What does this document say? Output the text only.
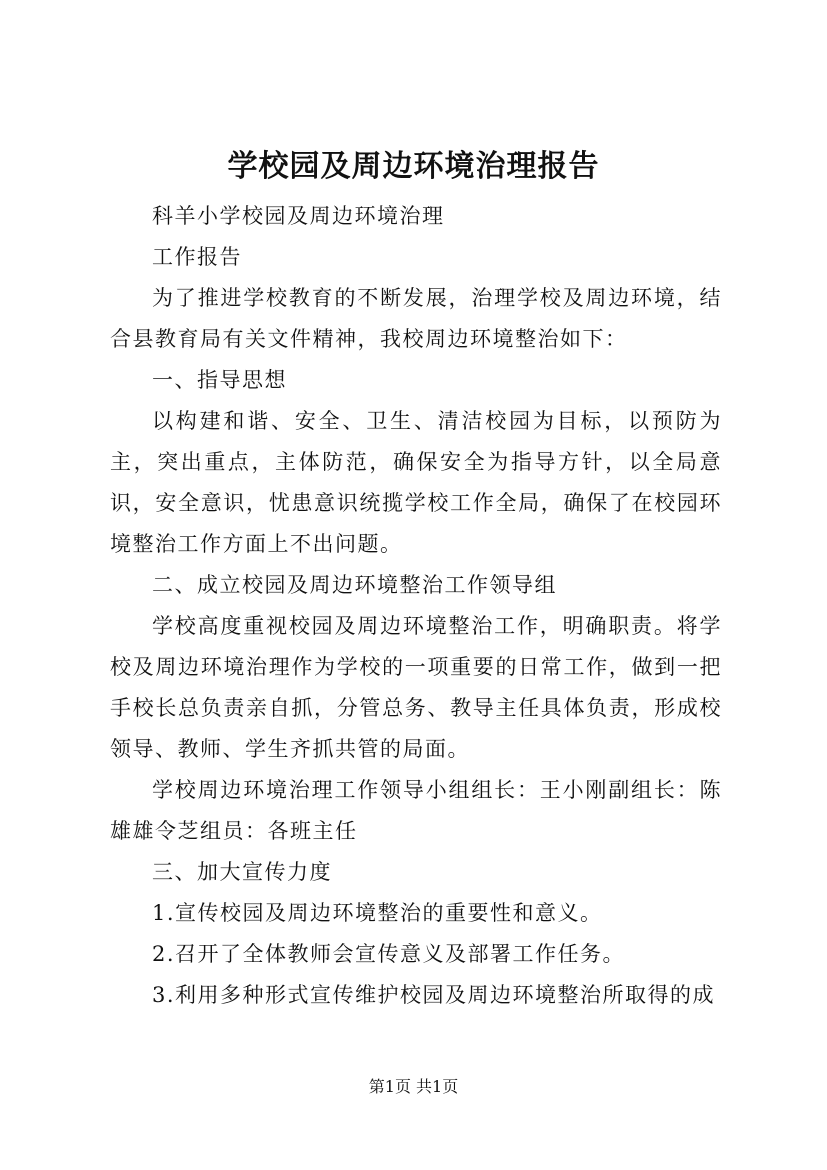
学校园及周边环境治理报告

科羊小学校园及周边环境治理

工作报告

为了推进学校教育的不断发展，治理学校及周边环境，结合县教育局有关文件精神，我校周边环境整治如下：

一、指导思想

以构建和谐、安全、卫生、清洁校园为目标，以预防为主，突出重点，主体防范，确保安全为指导方针，以全局意识，安全意识，忧患意识统揽学校工作全局，确保了在校园环境整治工作方面上不出问题。

二、成立校园及周边环境整治工作领导组

学校高度重视校园及周边环境整治工作，明确职责。将学校及周边环境治理作为学校的一项重要的日常工作，做到一把手校长总负责亲自抓，分管总务、教导主任具体负责，形成校领导、教师、学生齐抓共管的局面。

学校周边环境治理工作领导小组组长：王小刚副组长：陈雄雄令芝组员：各班主任

三、加大宣传力度

1.宣传校园及周边环境整治的重要性和意义。

2.召开了全体教师会宣传意义及部署工作任务。

3.利用多种形式宣传维护校园及周边环境整治所取得的成

第1页 共1页
